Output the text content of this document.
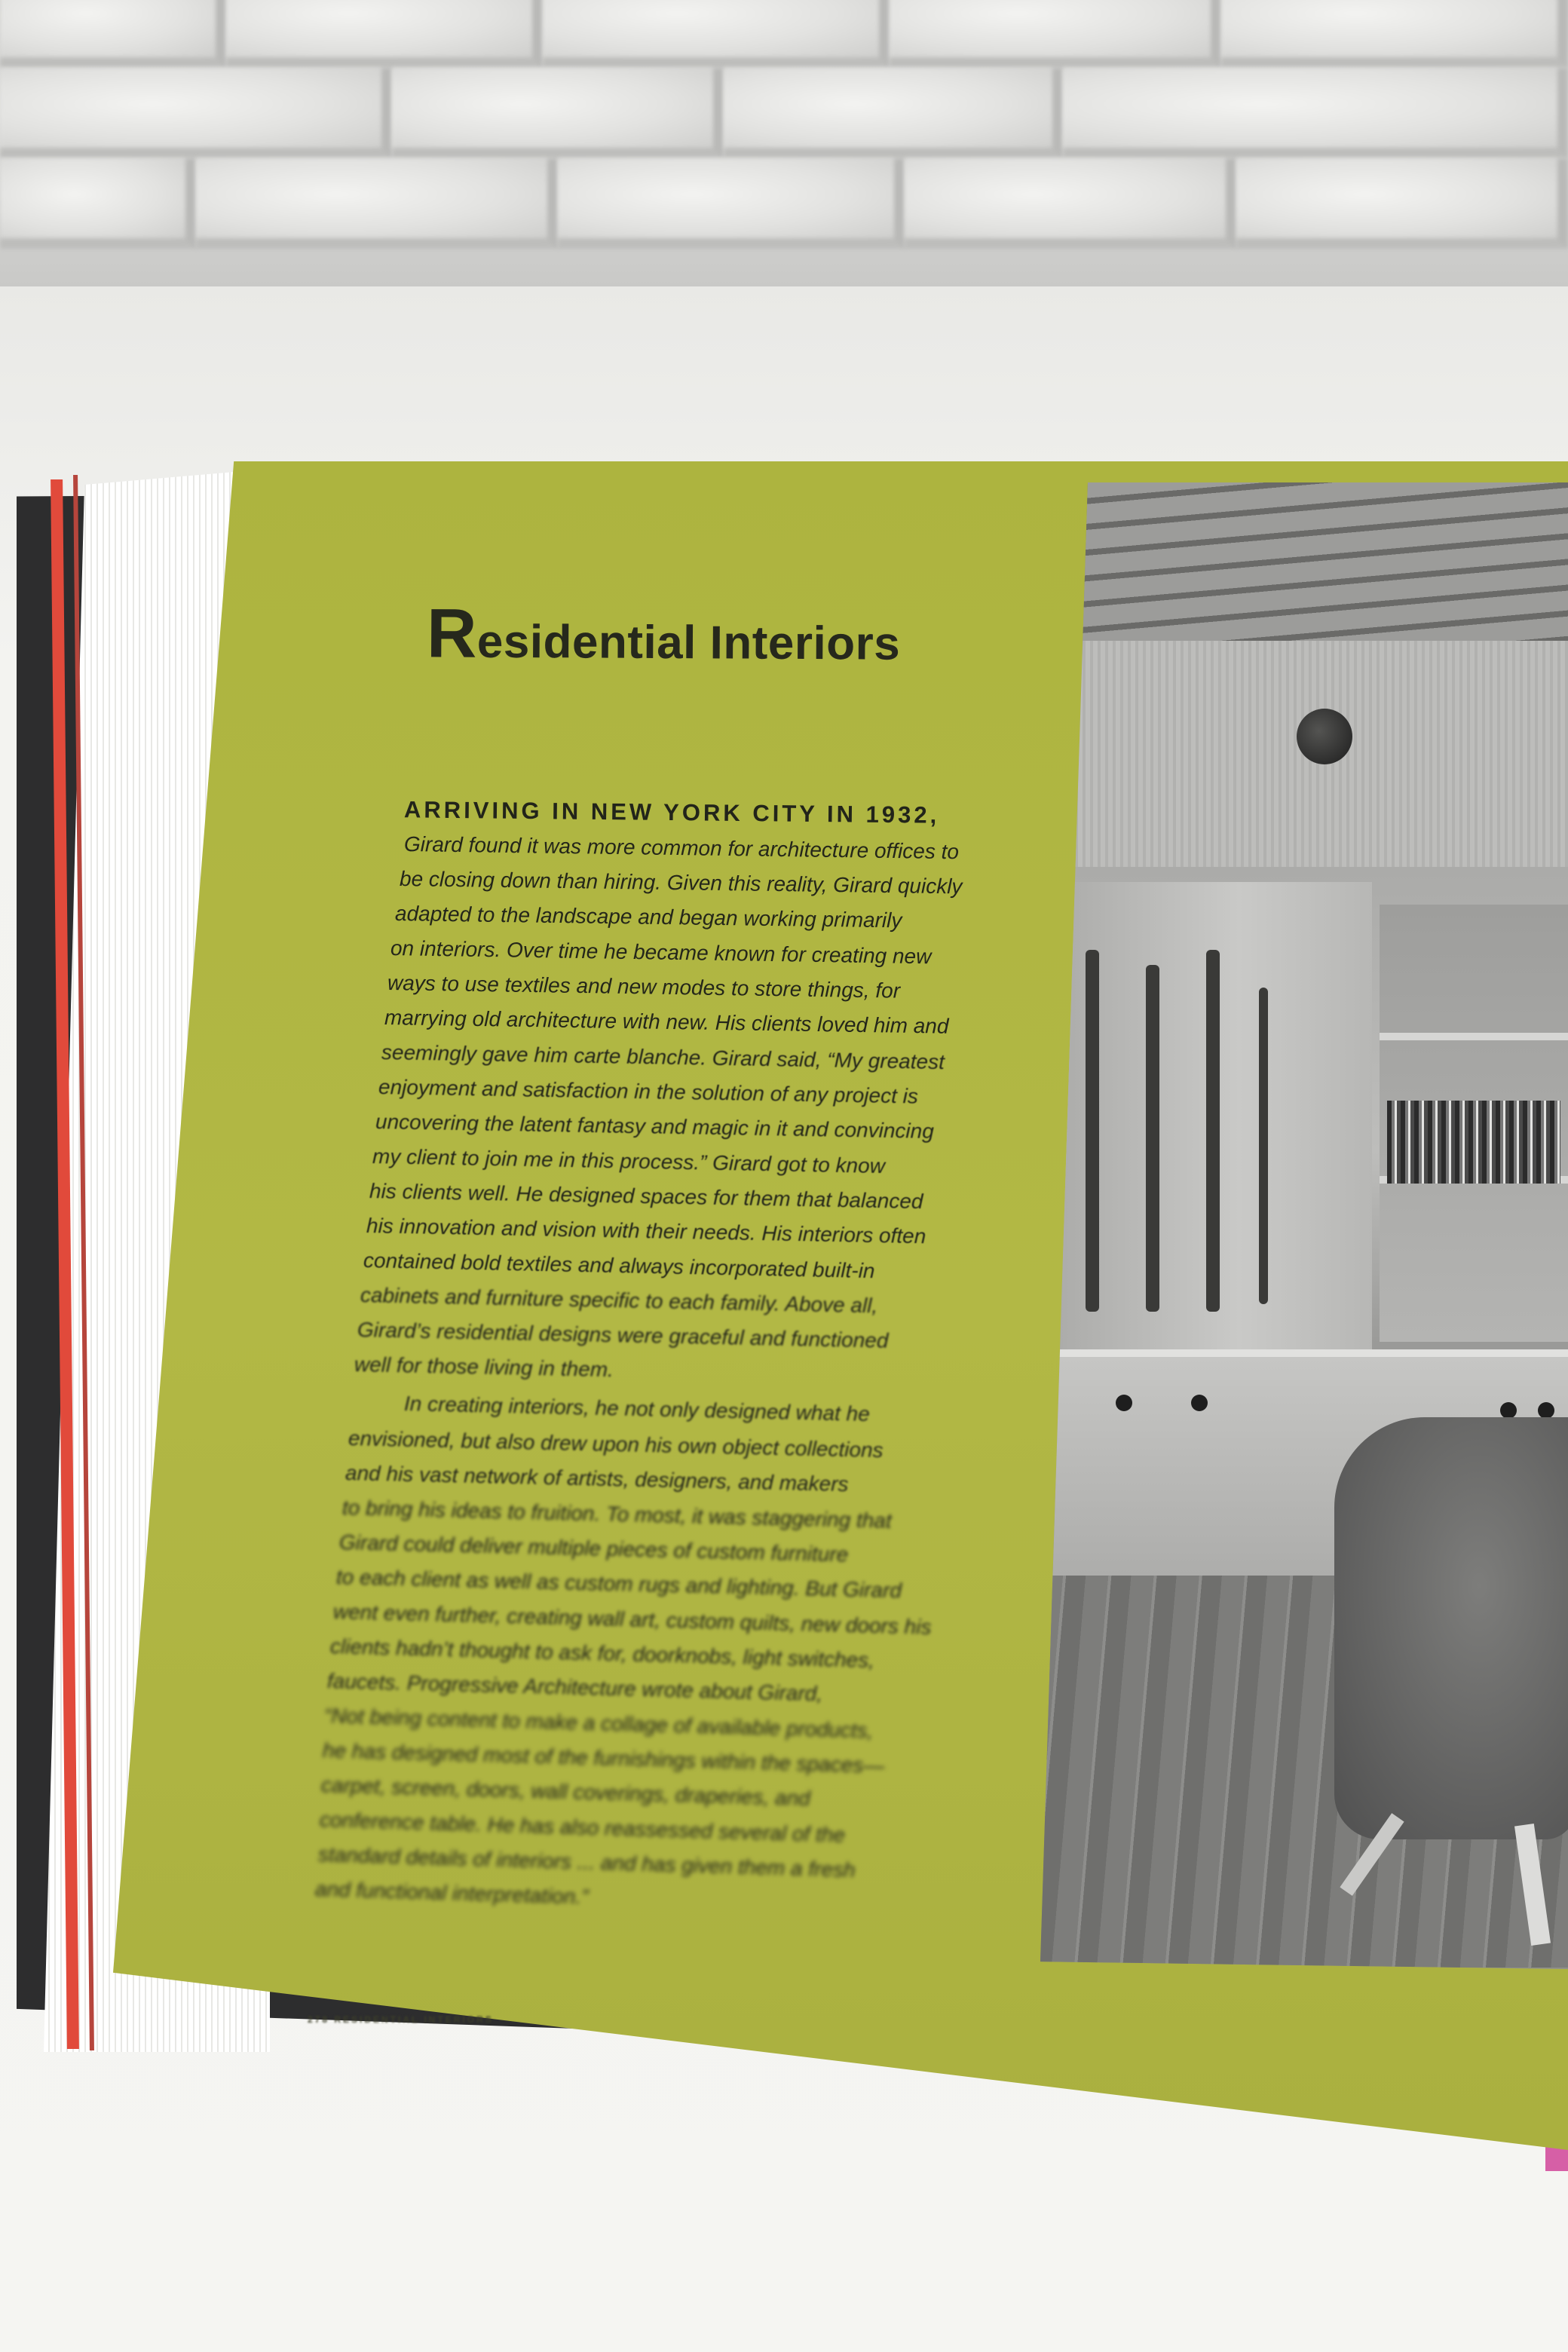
Residential Interiors

ARRIVING IN NEW YORK CITY IN 1932,

Girard found it was more common for architecture offices to

be closing down than hiring. Given this reality, Girard quickly

adapted to the landscape and began working primarily

on interiors. Over time he became known for creating new

ways to use textiles and new modes to store things, for

marrying old architecture with new. His clients loved him and

seemingly gave him carte blanche. Girard said, “My greatest

enjoyment and satisfaction in the solution of any project is

uncovering the latent fantasy and magic in it and convincing

my client to join me in this process.” Girard got to know

his clients well. He designed spaces for them that balanced

his innovation and vision with their needs. His interiors often

contained bold textiles and always incorporated built-in

cabinets and furniture specific to each family. Above all,

Girard’s residential designs were graceful and functioned

well for those living in them.

In creating interiors, he not only designed what he

envisioned, but also drew upon his own object collections

and his vast network of artists, designers, and makers

to bring his ideas to fruition. To most, it was staggering that

Girard could deliver multiple pieces of custom furniture

to each client as well as custom rugs and lighting. But Girard

went even further, creating wall art, custom quilts, new doors his

clients hadn’t thought to ask for, doorknobs, light switches,

faucets. Progressive Architecture wrote about Girard,

“Not being content to make a collage of available products,

he has designed most of the furnishings within the spaces—

carpet, screen, doors, wall coverings, draperies, and

conference table. He has also reassessed several of the

standard details of interiors ... and has given them a fresh

and functional interpretation.”

278 RESIDENTIAL INTERIORS
